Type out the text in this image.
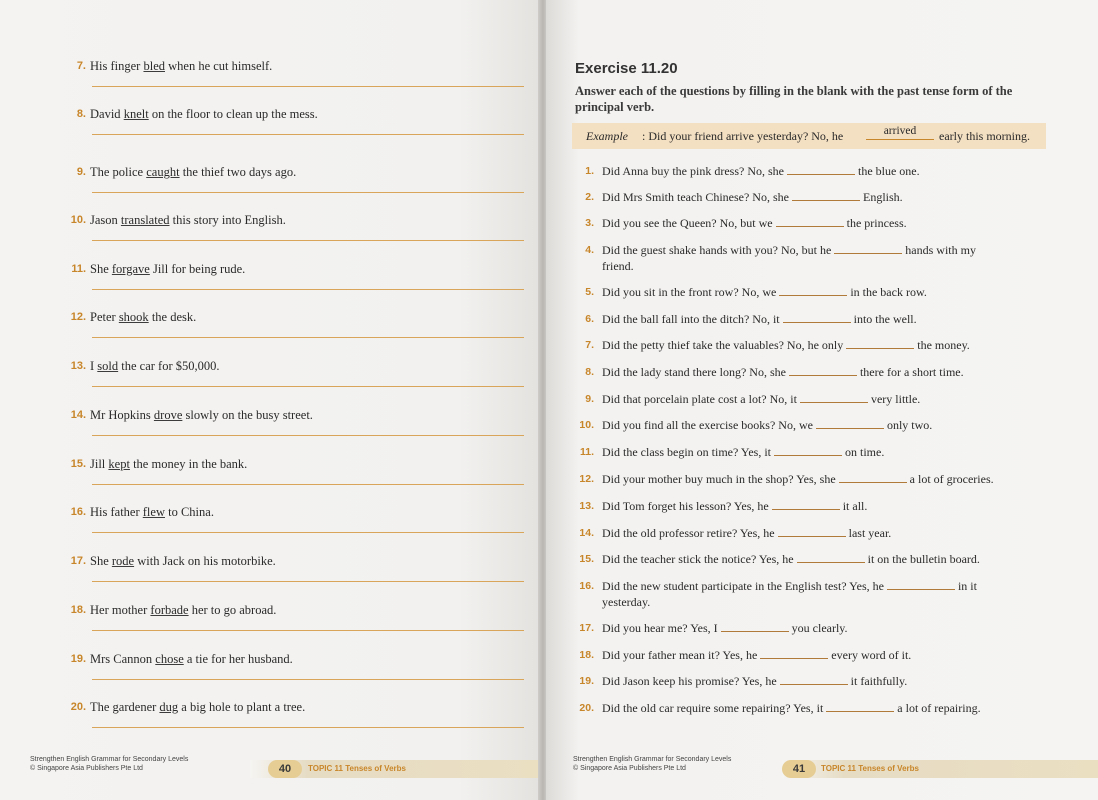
7. His finger bled when he cut himself.
8. David knelt on the floor to clean up the mess.
9. The police caught the thief two days ago.
10. Jason translated this story into English.
11. She forgave Jill for being rude.
12. Peter shook the desk.
13. I sold the car for $50,000.
14. Mr Hopkins drove slowly on the busy street.
15. Jill kept the money in the bank.
16. His father flew to China.
17. She rode with Jack on his motorbike.
18. Her mother forbade her to go abroad.
19. Mrs Cannon chose a tie for her husband.
20. The gardener dug a big hole to plant a tree.
Strengthen English Grammar for Secondary Levels
© Singapore Asia Publishers Pte Ltd	40	TOPIC 11 Tenses of Verbs
Exercise 11.20
Answer each of the questions by filling in the blank with the past tense form of the principal verb.
Example : Did your friend arrive yesterday? No, he	arrived	early this morning.
1. Did Anna buy the pink dress? No, she	the blue one.
2. Did Mrs Smith teach Chinese? No, she	English.
3. Did you see the Queen? No, but we	the princess.
4. Did the guest shake hands with you? No, but he	hands with my
friend.
5. Did you sit in the front row? No, we	in the back row.
6. Did the ball fall into the ditch? No, it	into the well.
7. Did the petty thief take the valuables? No, he only	the money.
8. Did the lady stand there long? No, she	there for a short time.
9. Did that porcelain plate cost a lot? No, it	very little.
10. Did you find all the exercise books? No, we	only two.
11. Did the class begin on time? Yes, it	on time.
12. Did your mother buy much in the shop? Yes, she	a lot of groceries.
13. Did Tom forget his lesson? Yes, he	it all.
14. Did the old professor retire? Yes, he	last year.
15. Did the teacher stick the notice? Yes, he	it on the bulletin board.
16. Did the new student participate in the English test? Yes, he	in it
yesterday.
17. Did you hear me? Yes, I	you clearly.
18. Did your father mean it? Yes, he	every word of it.
19. Did Jason keep his promise? Yes, he	it faithfully.
20. Did the old car require some repairing? Yes, it	a lot of repairing.
Strengthen English Grammar for Secondary Levels
© Singapore Asia Publishers Pte Ltd	41	TOPIC 11 Tenses of Verbs
